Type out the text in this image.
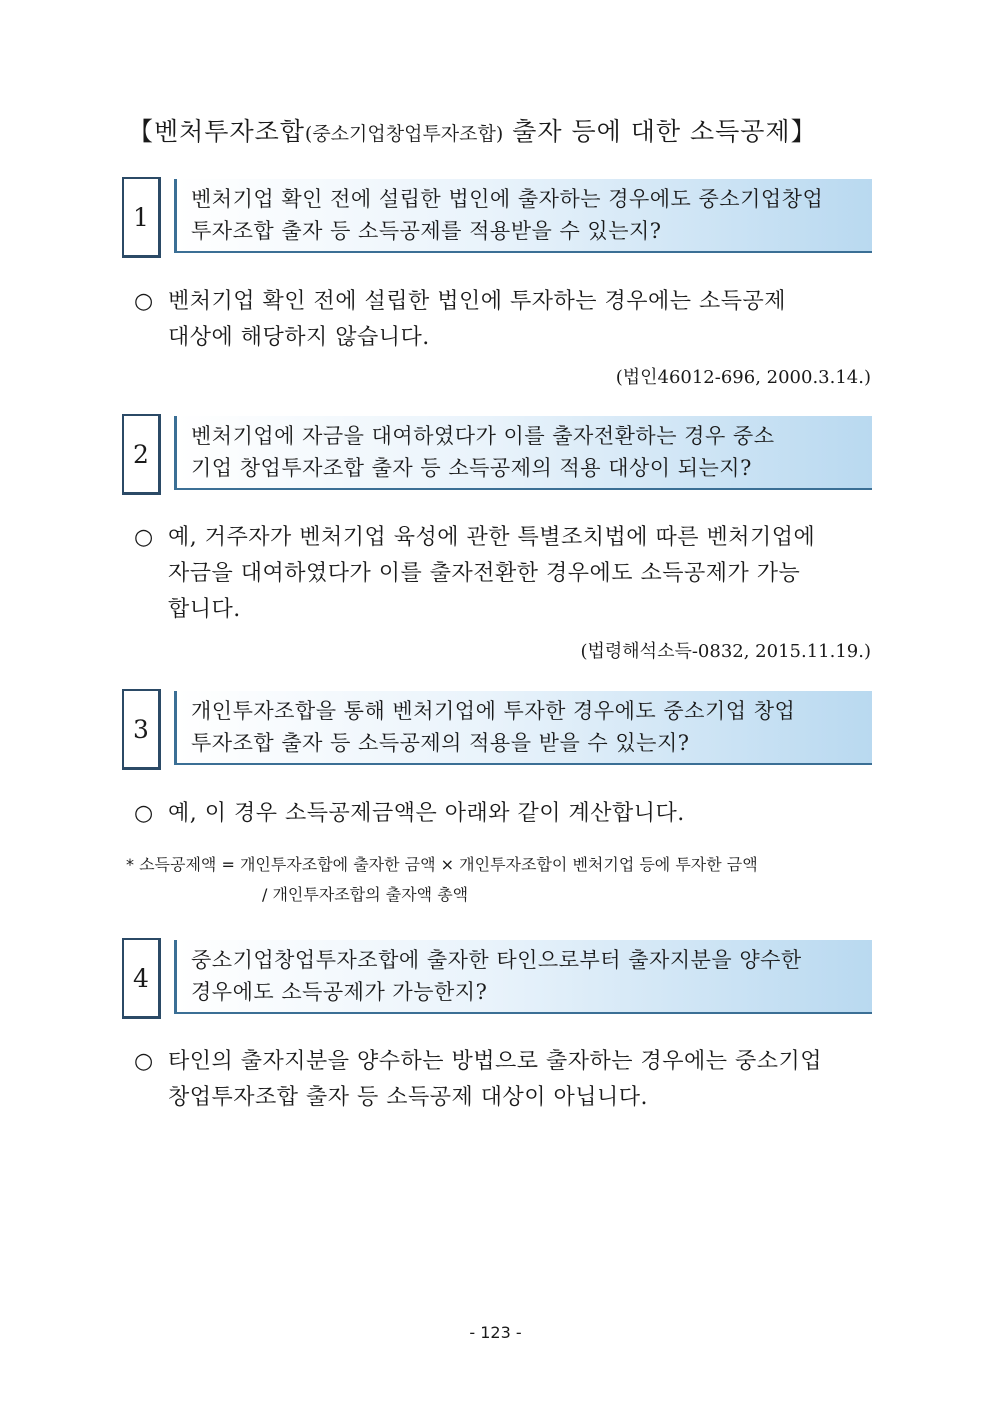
【벤처투자조합(중소기업창업투자조합) 출자 등에 대한 소득공제】
1
벤처기업 확인 전에 설립한 법인에 출자하는 경우에도 중소기업창업
투자조합 출자 등 소득공제를 적용받을 수 있는지?
○ 벤처기업 확인 전에 설립한 법인에 투자하는 경우에는 소득공제
대상에 해당하지 않습니다.
(법인46012-696, 2000.3.14.)
2
벤처기업에 자금을 대여하였다가 이를 출자전환하는 경우 중소
기업 창업투자조합 출자 등 소득공제의 적용 대상이 되는지?
○ 예, 거주자가 벤처기업 육성에 관한 특별조치법에 따른 벤처기업에
자금을 대여하였다가 이를 출자전환한 경우에도 소득공제가 가능
합니다.
(법령해석소득-0832, 2015.11.19.)
3
개인투자조합을 통해 벤처기업에 투자한 경우에도 중소기업 창업
투자조합 출자 등 소득공제의 적용을 받을 수 있는지?
○ 예, 이 경우 소득공제금액은 아래와 같이 계산합니다.
* 소득공제액 = 개인투자조합에 출자한 금액 × 개인투자조합이 벤처기업 등에 투자한 금액
/ 개인투자조합의 출자액 총액
4
중소기업창업투자조합에 출자한 타인으로부터 출자지분을 양수한
경우에도 소득공제가 가능한지?
○ 타인의 출자지분을 양수하는 방법으로 출자하는 경우에는 중소기업
창업투자조합 출자 등 소득공제 대상이 아닙니다.
- 123 -
